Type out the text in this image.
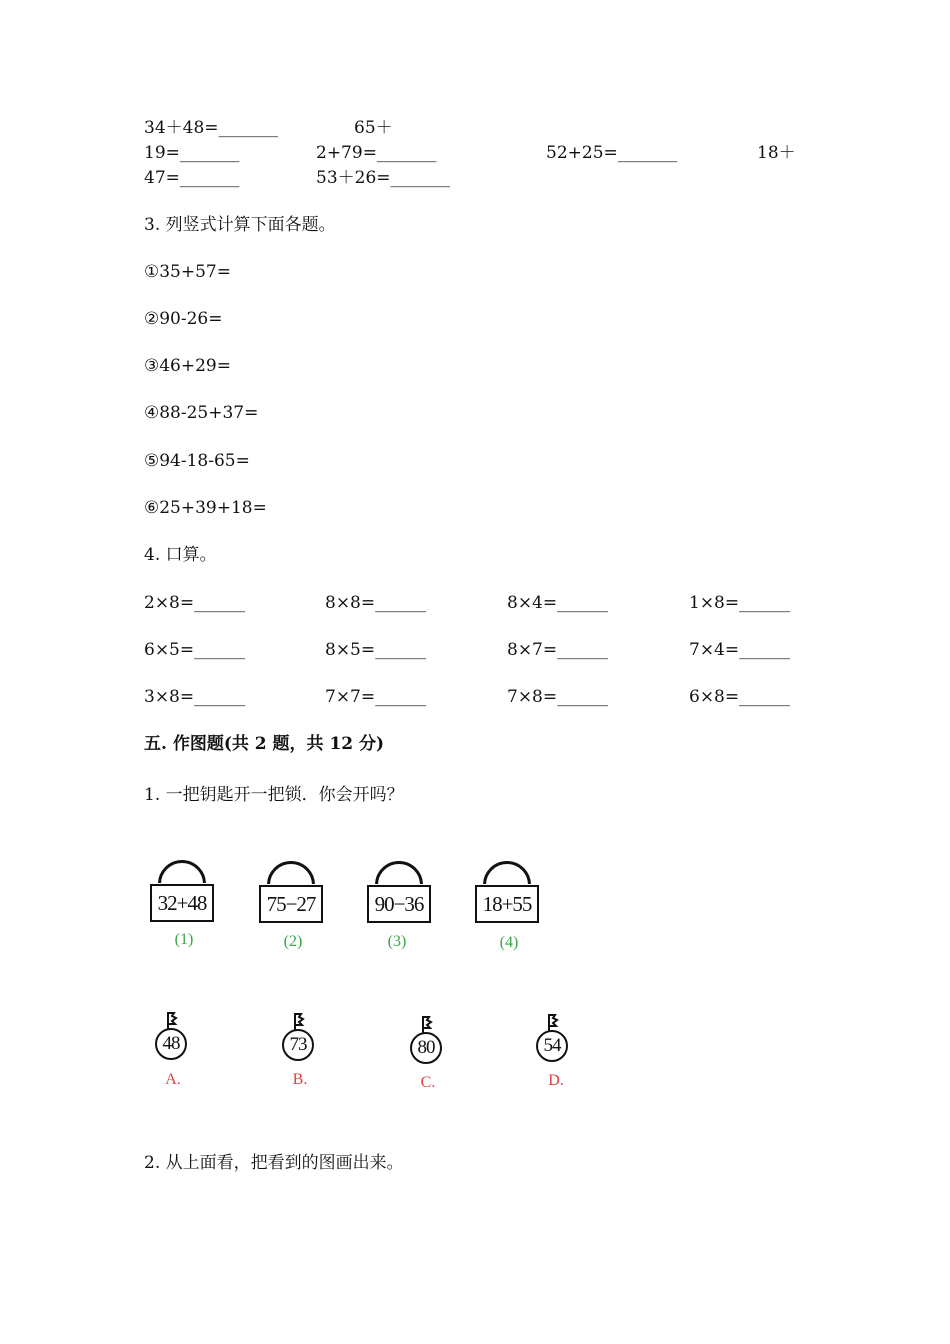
34＋48=_______	65＋
19=_______	2+79=_______	52+25=_______	18＋
47=_______	53＋26=_______
3. 列竖式计算下面各题。
①35+57=
②90-26=
③46+29=
④88-25+37=
⑤94-18-65=
⑥25+39+18=
4. 口算。
2×8=______	8×8=______	8×4=______	1×8=______
6×5=______	8×5=______	8×7=______	7×4=______
3×8=______	7×7=______	7×8=______	6×8=______
五. 作图题(共 2 题，共 12 分)
1. 一把钥匙开一把锁．你会开吗？
32+48
(1)
75−27
(2)
90−36
(3)
18+55
(4)
48
A.
73
B.
80
C.
54
D.
2. 从上面看，把看到的图画出来。
